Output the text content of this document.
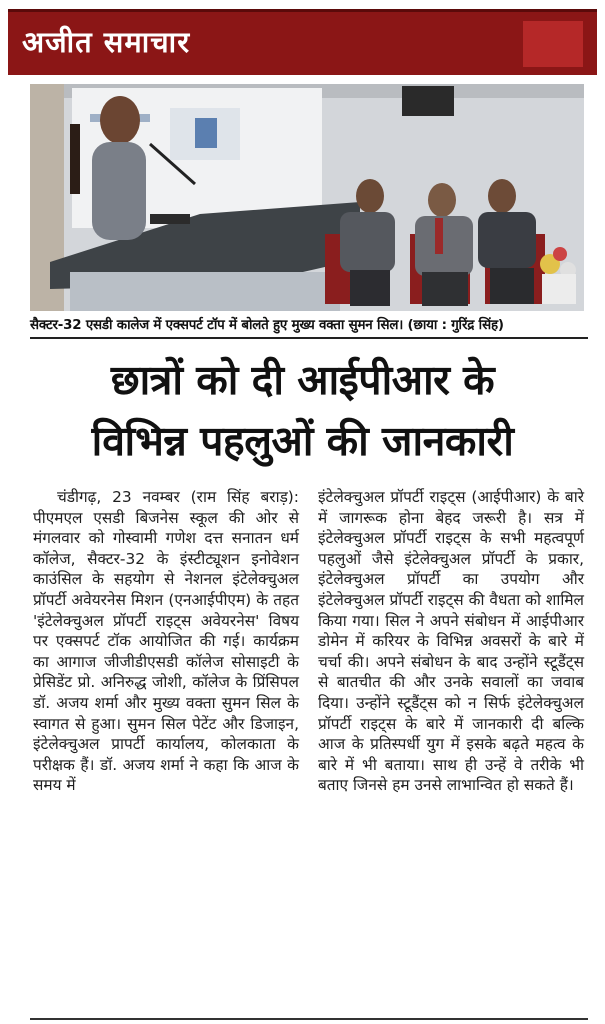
अजीत समाचार
सैक्टर-32 एसडी कालेज में एक्सपर्ट टॉप में बोलते हुए मुख्य वक्ता सुमन सिल। (छाया : गुरिंद्र सिंह)
छात्रों को दी आईपीआर के
विभिन्न पहलुओं की जानकारी

चंडीगढ़, 23 नवम्बर (राम सिंह बराड़): पीएमएल एसडी बिजनेस स्कूल की ओर से मंगलवार को गोस्वामी गणेश दत्त सनातन धर्म कॉलेज, सैक्टर-32 के इंस्टीट्यूशन इनोवेशन काउंसिल के सहयोग से नेशनल इंटेलेक्चुअल प्रॉपर्टी अवेयरनेस मिशन (एनआईपीएम) के तहत 'इंटेलेक्चुअल प्रॉपर्टी राइट्स अवेयरनेस' विषय पर एक्सपर्ट टॉक आयोजित की गई। कार्यक्रम का आगाज जीजीडीएसडी कॉलेज सोसाइटी के प्रेसिडेंट प्रो. अनिरुद्ध जोशी, कॉलेज के प्रिंसिपल डॉ. अजय शर्मा और मुख्य वक्ता सुमन सिल के स्वागत से हुआ। सुमन सिल पेटेंट और डिजाइन, इंटेलेक्चुअल प्रापर्टी कार्यालय, कोलकाता के परीक्षक हैं। डॉ. अजय शर्मा ने कहा कि आज के समय में

इंटेलेक्चुअल प्रॉपर्टी राइट्स (आईपीआर) के बारे में जागरूक होना बेहद जरूरी है। सत्र में इंटेलेक्चुअल प्रॉपर्टी राइट्स के सभी महत्वपूर्ण पहलुओं जैसे इंटेलेक्चुअल प्रॉपर्टी के प्रकार, इंटेलेक्चुअल प्रॉपर्टी का उपयोग और इंटेलेक्चुअल प्रॉपर्टी राइट्स की वैधता को शामिल किया गया। सिल ने अपने संबोधन में आईपीआर डोमेन में करियर के विभिन्न अवसरों के बारे में चर्चा की। अपने संबोधन के बाद उन्होंने स्टूडैंट्स से बातचीत की और उनके सवालों का जवाब दिया। उन्होंने स्टूडैंट्स को न सिर्फ इंटेलेक्चुअल प्रॉपर्टी राइट्स के बारे में जानकारी दी बल्कि आज के प्रतिस्पर्धी युग में इसके बढ़ते महत्व के बारे में भी बताया। साथ ही उन्हें वे तरीके भी बताए जिनसे हम उनसे लाभान्वित हो सकते हैं।
